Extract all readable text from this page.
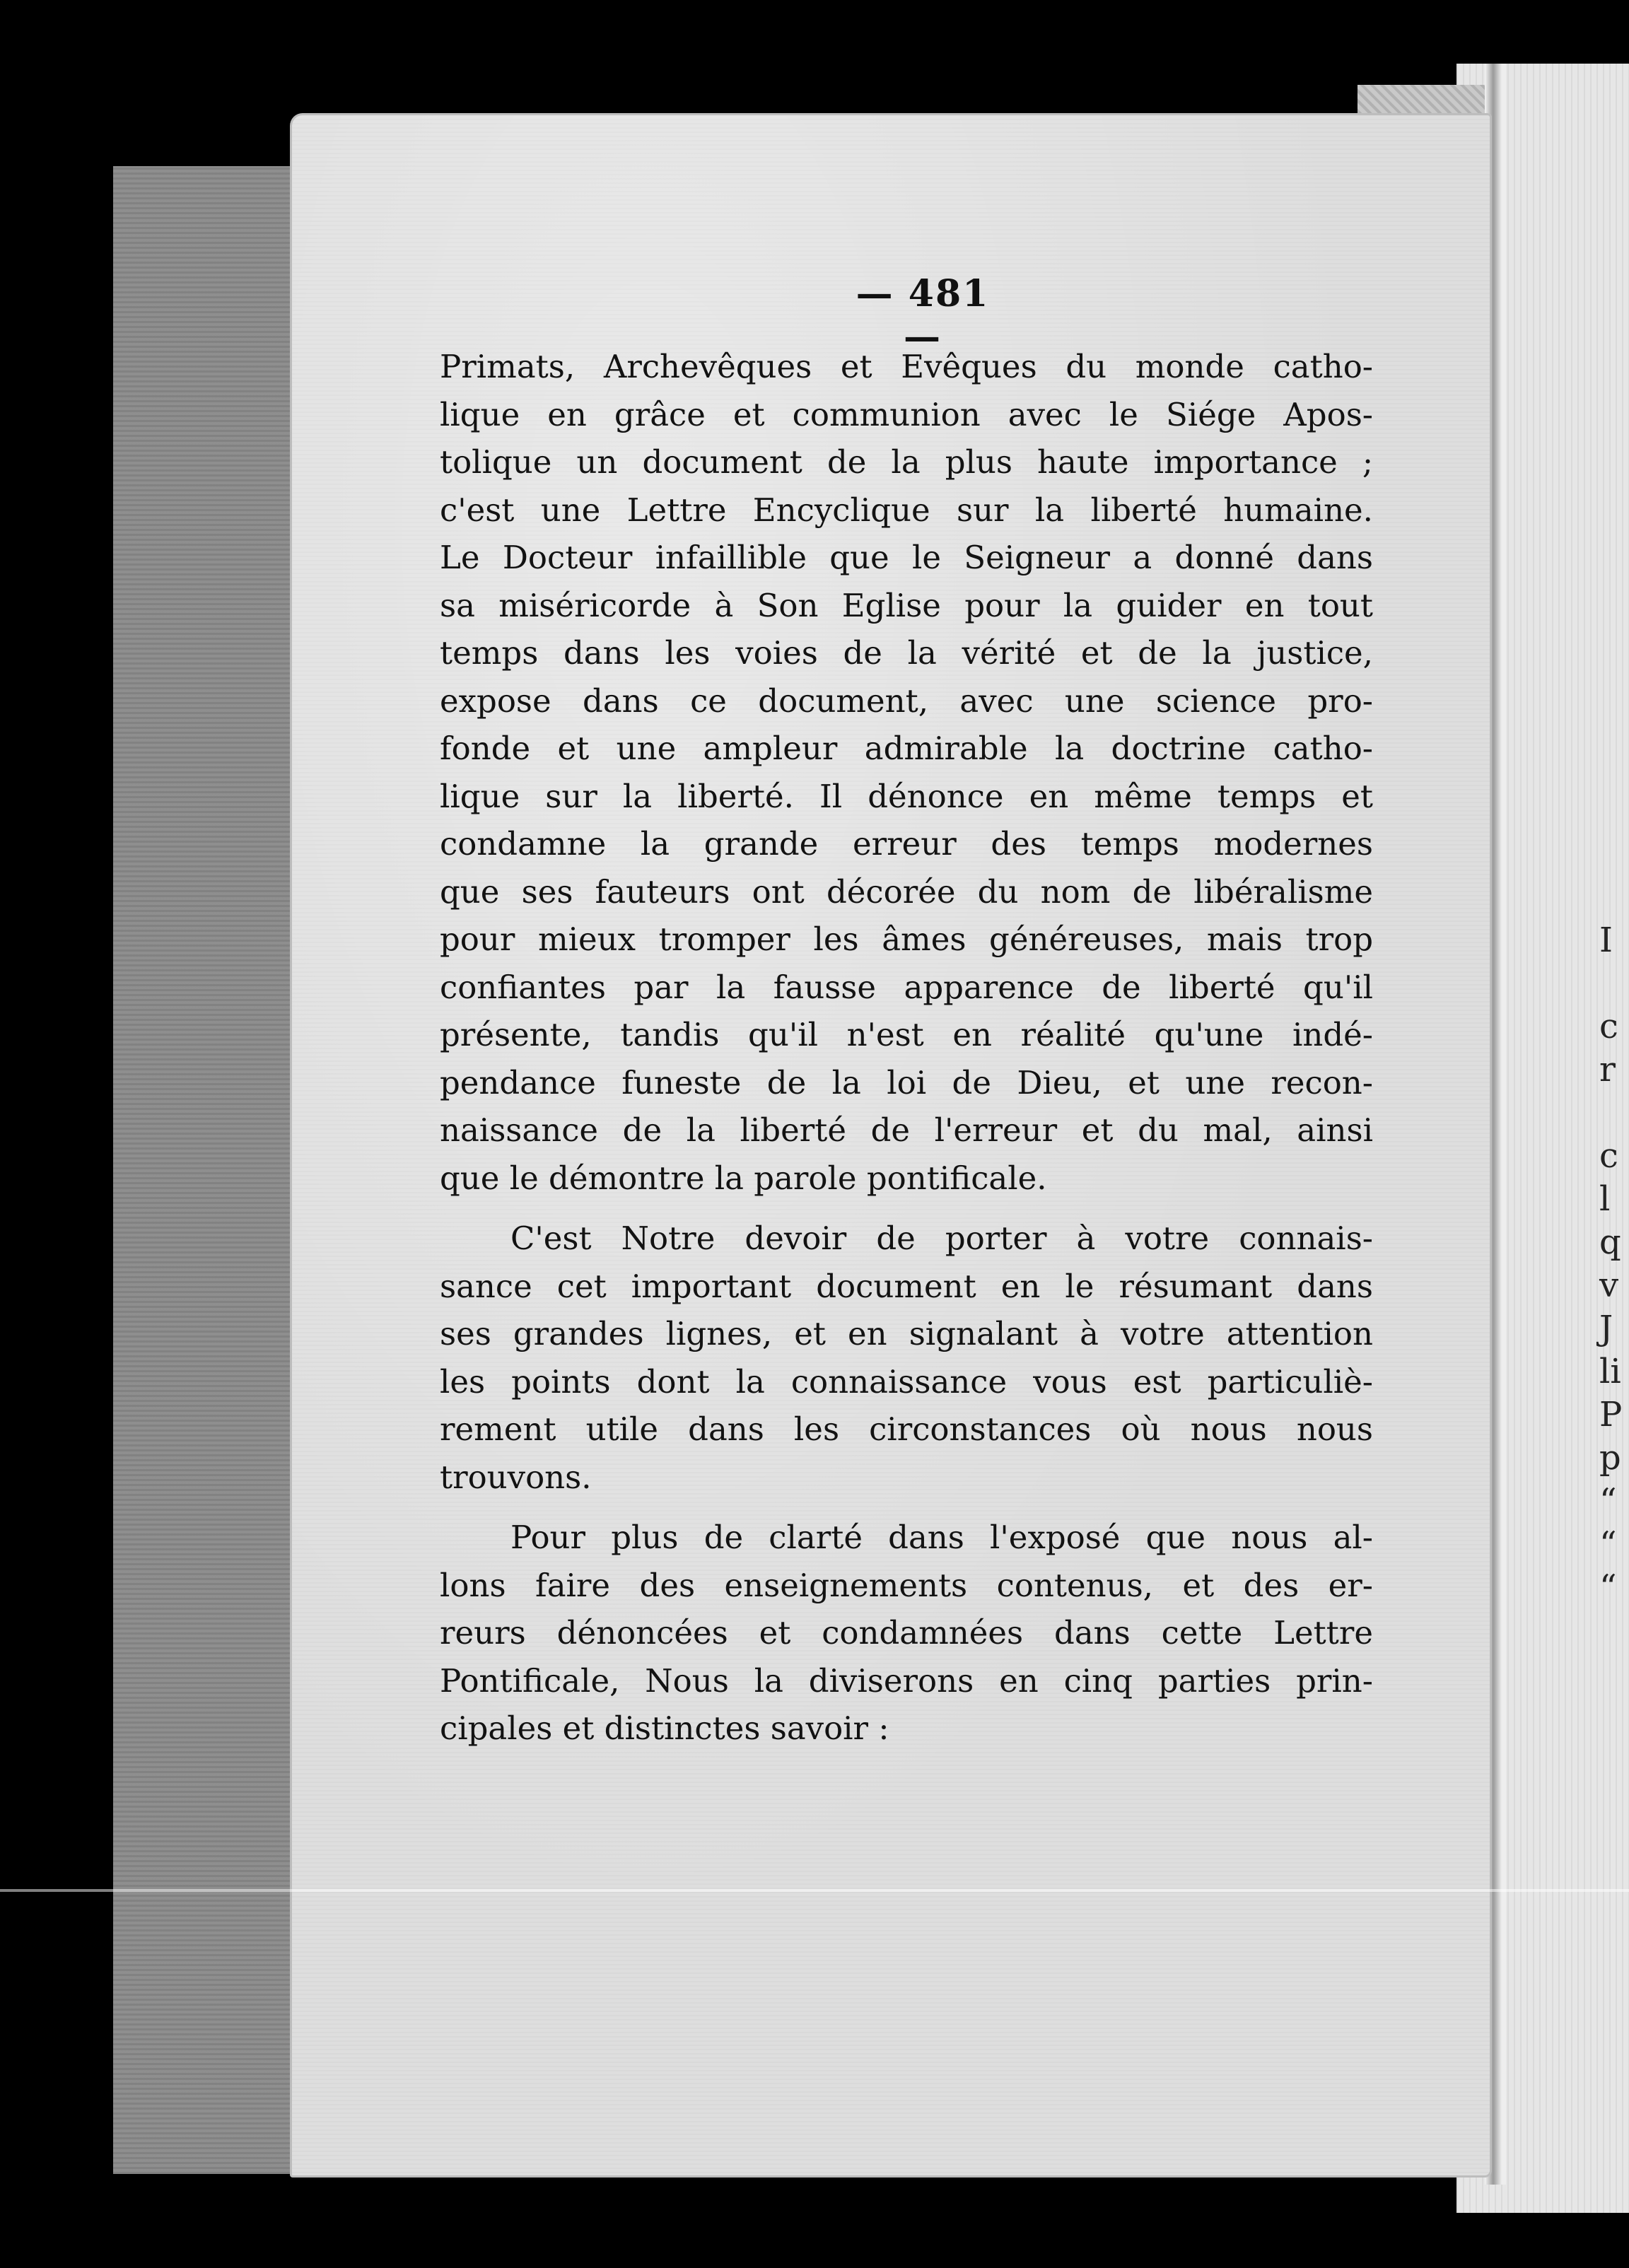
I

c
r

c
l
q
v
J
li
P
p
“
“
“
— 481 —

Primats, Archevêques et Evêques du monde catho-
lique en grâce et communion avec le Siége Apos-
tolique un document de la plus haute importance ;
c'est une Lettre Encyclique sur la liberté humaine.
Le Docteur infaillible que le Seigneur a donné dans
sa miséricorde à Son Eglise pour la guider en tout
temps dans les voies de la vérité et de la justice,
expose dans ce document, avec une science pro-
fonde et une ampleur admirable la doctrine catho-
lique sur la liberté. Il dénonce en même temps et
condamne la grande erreur des temps modernes
que ses fauteurs ont décorée du nom de libéralisme
pour mieux tromper les âmes généreuses, mais trop
confiantes par la fausse apparence de liberté qu'il
présente, tandis qu'il n'est en réalité qu'une indé-
pendance funeste de la loi de Dieu, et une recon-
naissance de la liberté de l'erreur et du mal, ainsi
que le démontre la parole pontificale.

C'est Notre devoir de porter à votre connais-
sance cet important document en le résumant dans
ses grandes lignes, et en signalant à votre attention
les points dont la connaissance vous est particuliè-
rement utile dans les circonstances où nous nous
trouvons.

Pour plus de clarté dans l'exposé que nous al-
lons faire des enseignements contenus, et des er-
reurs dénoncées et condamnées dans cette Lettre
Pontificale, Nous la diviserons en cinq parties prin-
cipales et distinctes savoir :
